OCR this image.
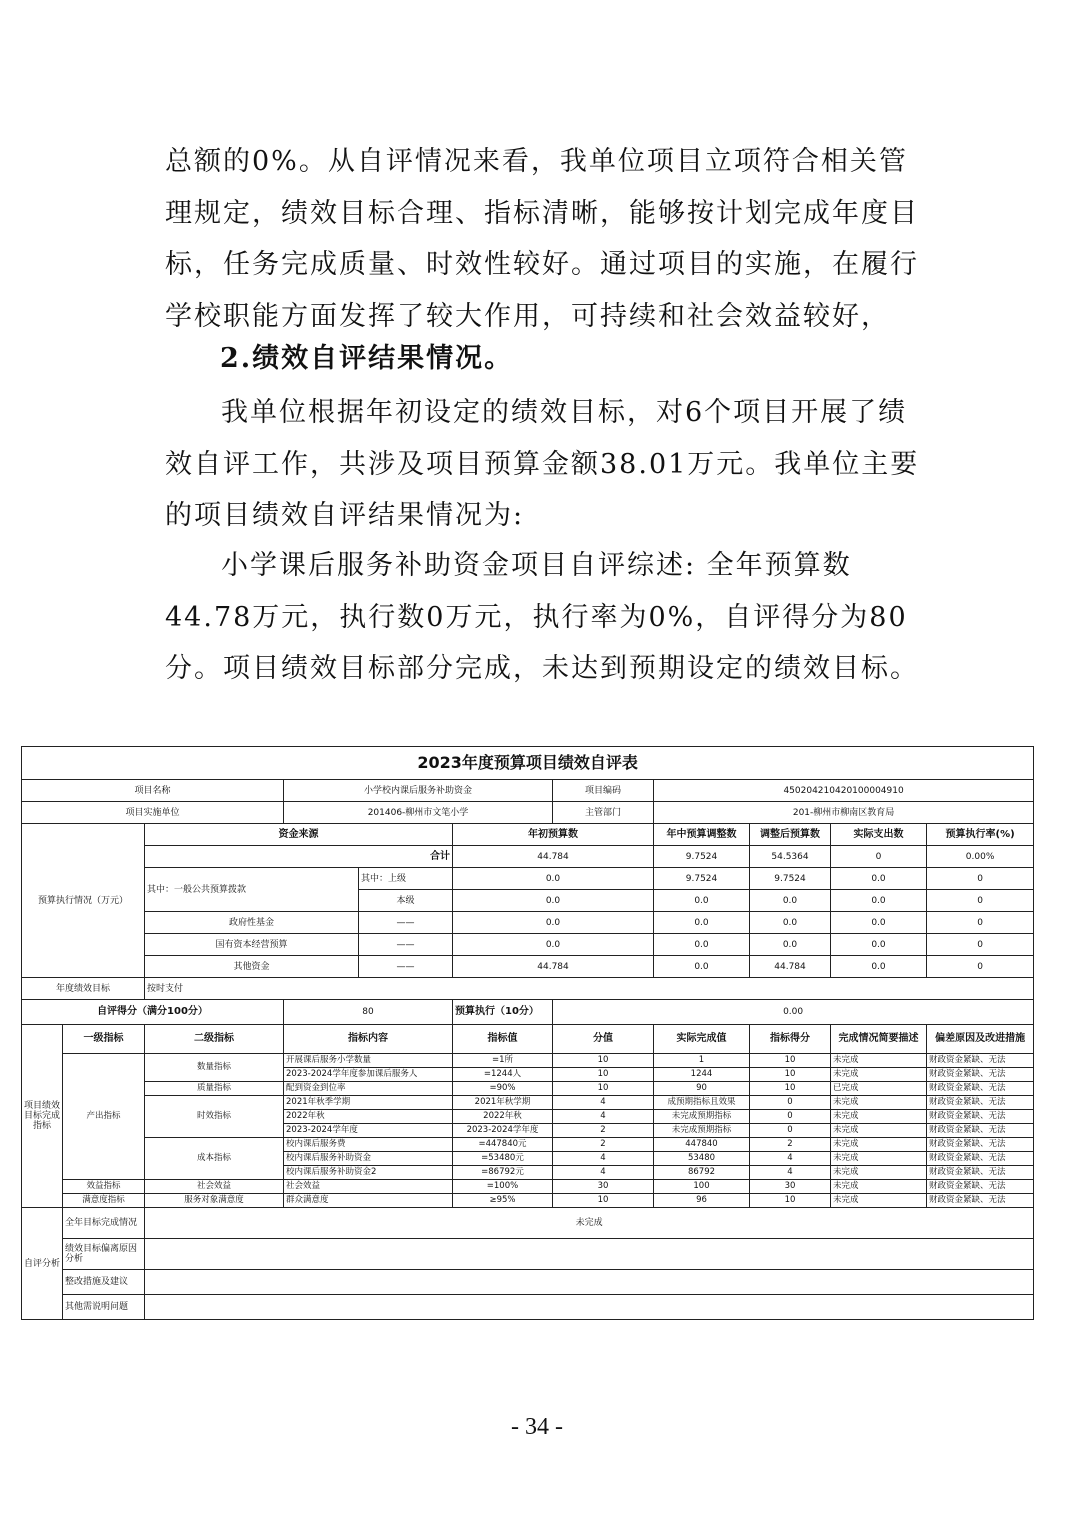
总额的0%。从自评情况来看，我单位项目立项符合相关管理规定，绩效目标合理、指标清晰，能够按计划完成年度目标，任务完成质量、时效性较好。通过项目的实施，在履行学校职能方面发挥了较大作用，可持续和社会效益较好，

2.绩效自评结果情况。

我单位根据年初设定的绩效目标，对6个项目开展了绩效自评工作，共涉及项目预算金额38.01万元。我单位主要的项目绩效自评结果情况为:

小学课后服务补助资金项目自评综述: 全年预算数44.78万元，执行数0万元，执行率为0%，自评得分为80分。项目绩效目标部分完成，未达到预期设定的绩效目标。

2023年度预算项目绩效自评表										
项目名称			小学校内课后服务补助资金			项目编码	450204210420100004910			
项目实施单位			201406-柳州市文笔小学			主管部门	201-柳州市柳南区教育局			
预算执行情况（万元）		资金来源			年初预算数		年中预算调整数	调整后预算数	实际支出数	预算执行率(%)
		合计			44.784		9.7524	54.5364	0	0.00%
		其中：一般公共预算拨款		其中：上级	0.0		9.7524	9.7524	0.0	0
				本级	0.0		0.0	0.0	0.0	0
		政府性基金		——	0.0		0.0	0.0	0.0	0
		国有资本经营预算		——	0.0		0.0	0.0	0.0	0
		其他资金		——	44.784		0.0	44.784	0.0	0
年度绩效目标		按时支付								
自评得分（满分100分）			80		预算执行（10分）	0.00				
项目绩效目标完成指标	一级指标	二级指标	指标内容		指标值	分值	实际完成值	指标得分	完成情况简要描述	偏差原因及改进措施
	产出指标	数量指标	开展课后服务小学数量		=1所	10	1	10	未完成	财政资金紧缺、无法
			2023-2024学年度参加课后服务人		=1244人	10	1244	10	未完成	财政资金紧缺、无法
		质量指标	配到资金到位率		=90%	10	90	10	已完成	财政资金紧缺、无法
		时效指标	2021年秋季学期		2021年秋学期	4	成预期指标且效果	0	未完成	财政资金紧缺、无法
			2022年秋		2022年秋	4	未完成预期指标	0	未完成	财政资金紧缺、无法
			2023-2024学年度		2023-2024学年度	2	未完成预期指标	0	未完成	财政资金紧缺、无法
		成本指标	校内课后服务费		=447840元	2	447840	2	未完成	财政资金紧缺、无法
			校内课后服务补助资金		=53480元	4	53480	4	未完成	财政资金紧缺、无法
			校内课后服务补助资金2		=86792元	4	86792	4	未完成	财政资金紧缺、无法
	效益指标	社会效益	社会效益		=100%	30	100	30	未完成	财政资金紧缺、无法
	满意度指标	服务对象满意度	群众满意度		≥95%	10	96	10	未完成	财政资金紧缺、无法
自评分析	全年目标完成情况	未完成								
	绩效目标偏离原因分析									
	整改措施及建议									
	其他需说明问题									
- 34 -
